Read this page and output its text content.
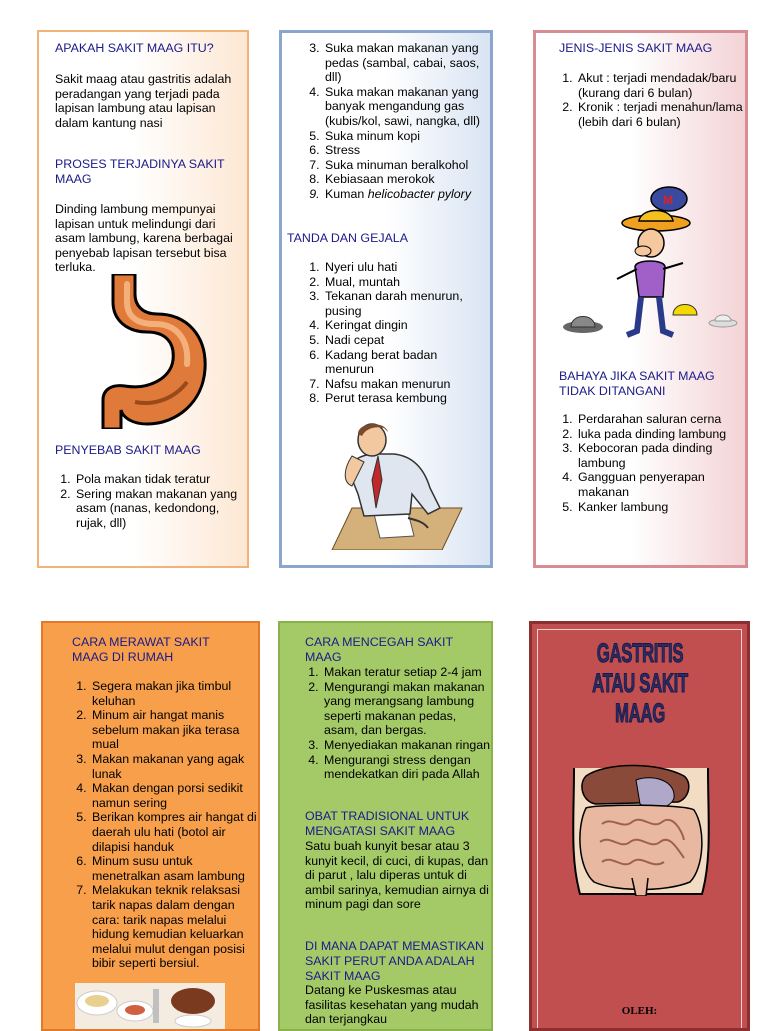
APAKAH SAKIT MAAG ITU?
Sakit maag atau gastritis adalah peradangan yang terjadi pada lapisan lambung atau lapisan dalam kantung nasi
PROSES TERJADINYA SAKIT MAAG
Dinding lambung mempunyai lapisan untuk melindungi dari asam lambung, karena berbagai penyebab lapisan tersebut bisa terluka.
PENYEBAB SAKIT MAAG
1. Pola makan tidak teratur
2. Sering makan makanan yang asam (nanas, kedondong, rujak, dll)
3. Suka makan makanan yang pedas (sambal, cabai, saos, dll)
4. Suka makan makanan yang banyak mengandung gas (kubis/kol, sawi, nangka, dll)
5. Suka minum kopi
6. Stress
7. Suka minuman beralkohol
8. Kebiasaan merokok
9. Kuman helicobacter pylory
TANDA DAN GEJALA
1. Nyeri ulu hati
2. Mual, muntah
3. Tekanan darah menurun, pusing
4. Keringat dingin
5. Nadi cepat
6. Kadang berat badan menurun
7. Nafsu makan menurun
8. Perut terasa kembung
JENIS-JENIS SAKIT MAAG
1. Akut : terjadi mendadak/baru (kurang dari 6 bulan)
2. Kronik : terjadi menahun/lama (lebih dari 6 bulan)
M
BAHAYA JIKA SAKIT MAAG TIDAK DITANGANI
1. Perdarahan saluran cerna
2. luka pada dinding lambung
3. Kebocoran pada dinding lambung
4. Gangguan penyerapan makanan
5. Kanker lambung
CARA MERAWAT SAKIT MAAG DI RUMAH
1. Segera makan jika timbul keluhan
2. Minum air hangat manis sebelum makan jika terasa mual
3. Makan makanan yang agak lunak
4. Makan dengan porsi sedikit namun sering
5. Berikan kompres air hangat di daerah ulu hati (botol air dilapisi handuk
6. Minum susu untuk menetralkan asam lambung
7. Melakukan teknik relaksasi tarik napas dalam dengan cara: tarik napas melalui hidung kemudian keluarkan melalui mulut dengan posisi bibir seperti bersiul.
CARA MENCEGAH SAKIT MAAG
1. Makan teratur setiap 2-4 jam
2. Mengurangi makan makanan yang merangsang lambung seperti makanan pedas, asam, dan bergas.
3. Menyediakan makanan ringan
4. Mengurangi stress dengan mendekatkan diri pada Allah
OBAT TRADISIONAL UNTUK MENGATASI SAKIT MAAG
Satu buah kunyit besar atau 3 kunyit kecil, di cuci, di kupas, dan di parut , lalu diperas untuk di ambil sarinya, kemudian airnya di minum pagi dan sore
DI MANA DAPAT MEMASTIKAN SAKIT PERUT ANDA ADALAH SAKIT MAAG
Datang ke Puskesmas atau fasilitas kesehatan yang mudah dan terjangkau
GASTRITIS ATAU SAKIT MAAG
OLEH:
